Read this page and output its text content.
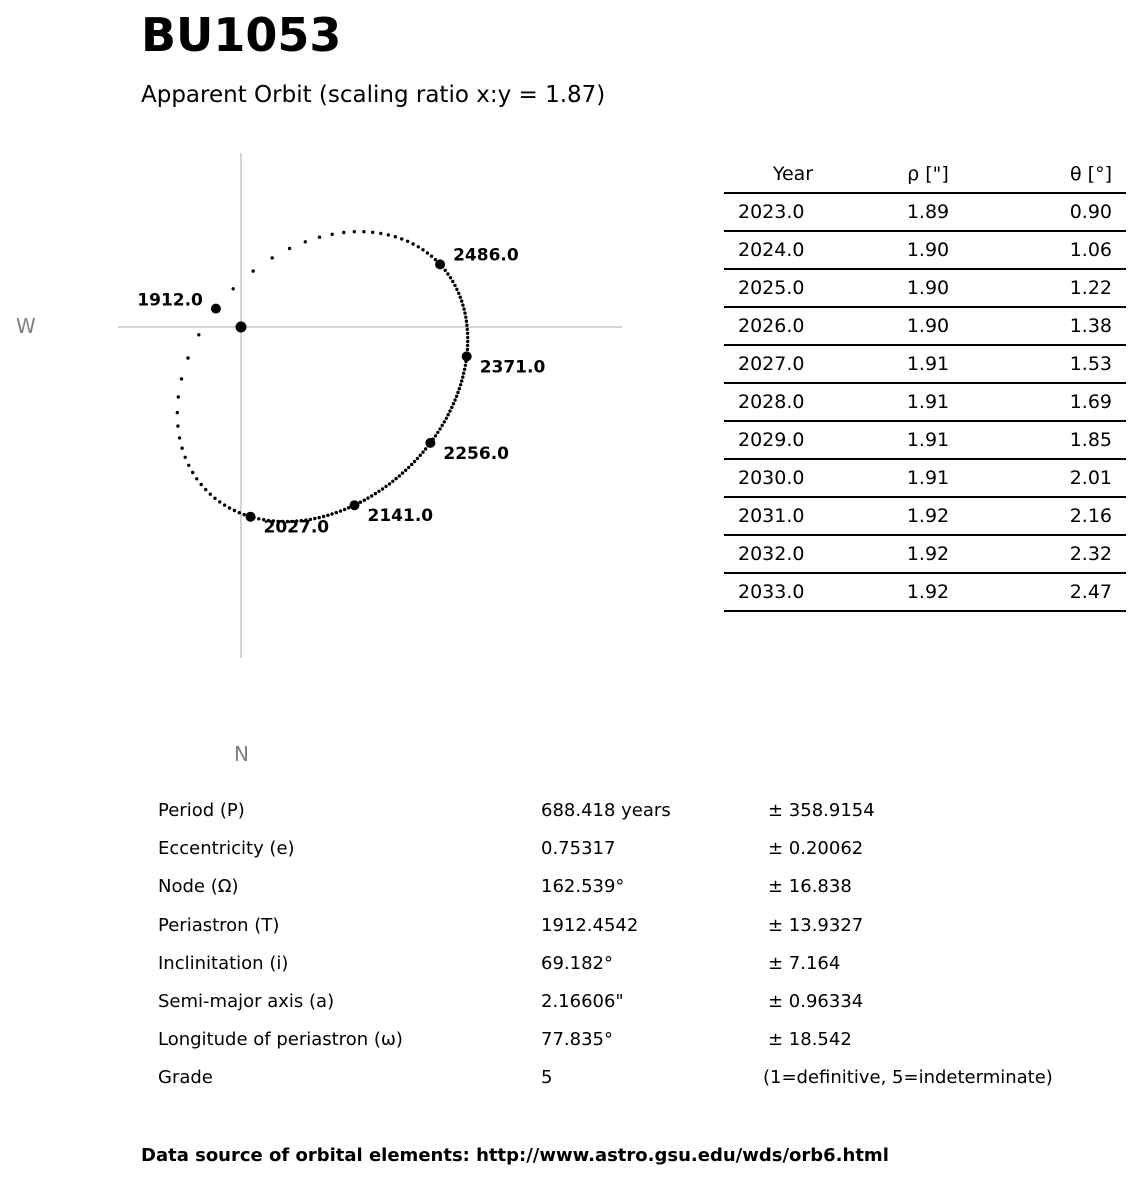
BU1053
Apparent Orbit (scaling ratio x:y = 1.87)
1912.0
2027.0
2141.0
2256.0
2371.0
2486.0
W
N
Year	ρ ["]	θ [°]
2023.0	1.89	0.90
2024.0	1.90	1.06
2025.0	1.90	1.22
2026.0	1.90	1.38
2027.0	1.91	1.53
2028.0	1.91	1.69
2029.0	1.91	1.85
2030.0	1.91	2.01
2031.0	1.92	2.16
2032.0	1.92	2.32
2033.0	1.92	2.47
Period (P)	688.418 years	± 358.9154
Eccentricity (e)	0.75317	± 0.20062
Node (Ω)	162.539°	± 16.838
Periastron (T)	1912.4542	± 13.9327
Inclinitation (i)	69.182°	± 7.164
Semi-major axis (a)	2.16606"	± 0.96334
Longitude of periastron (ω)	77.835°	± 18.542
Grade	5	(1=definitive, 5=indeterminate)
Data source of orbital elements: http://www.astro.gsu.edu/wds/orb6.html
